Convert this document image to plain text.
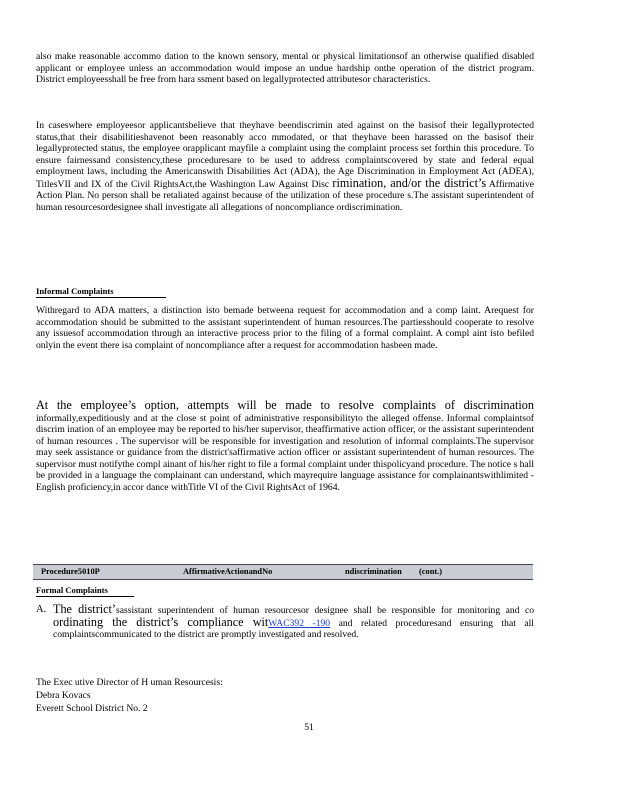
also make reasonable accommo dation to the known sensory, mental or physical limitationsof an otherwise qualified disabled applicant or employee unless an accommodation would impose an undue hardship onthe operation of the district program. District employeesshall be free from hara ssment based on legallyprotected attributesor characteristics.

In caseswhere employeesor applicantsbelieve that theyhave beendiscrimin ated against on the basisof their legallyprotected status,that their disabilitieshavenot been reasonably acco mmodated, or that theyhave been harassed on the basisof their legallyprotected status, the employee orapplicant mayfile a complaint using the complaint process set forthin this procedure. To ensure fairnessand consistency,these proceduresare to be used to address complaintscovered by state and federal equal employment laws, including the Americanswith Disabilities Act (ADA), the Age Discrimination in Employment Act (ADEA), TitlesVII and IX of the Civil RightsAct,the Washington Law Against Disc rimination, and/or the district’s Affirmative Action Plan. No person shall be retaliated against because of the utilization of these procedure s.The assistant superintendent of human resourcesordesignee shall investigate all allegations of noncompliance ordiscrimination.

Informal Complaints

Withregard to ADA matters, a distinction isto bemade betweena request for accommodation and a comp laint. Arequest for accommodation should be submitted to the assistant superintendent of human resources.The partiesshould cooperate to resolve any issuesof accommodation through an interactive process prior to the filing of a formal complaint. A compl aint isto befiled onlyin the event there isa complaint of noncompliance after a request for accommodation hasbeen made.

At the employee’s option, attempts will be made to resolve complaints of discrimination informally,expeditiously and at the close st point of administrative responsibilityto the alleged offense. Informal complaintsof discrim ination of an employee may be reported to his/her supervisor, theaffirmative action officer, or the assistant superintendent of human resources . The supervisor will be responsible for investigation and resolution of informal complaints.The supervisor may seek assistance or guidance from the district'saffirmative action officer or assistant superintendent of human resources. The supervisor must notifythe compl ainant of his/her right to file a formal complaint under thispolicyand procedure. The notice s hall be provided in a language the complainant can understand, which mayrequire language assistance for complainantswithlimited -English proficiency,in accor dance withTitle VI of the Civil RightsAct of 1964.

Procedure5010P	AffirmativeActionandNo	ndiscrimination (cont.)
Formal Complaints
A. The district’sassistant superintendent of human resourcesor designee shall be responsible for monitoring and co ordinating the district’s compliance witWAC392 -190 and related proceduresand ensuring that all complaintscommunicated to the district are promptly investigated and resolved.
The Exec utive Director of H uman Resourcesis:
Debra Kovacs
Everett School District No. 2
51
